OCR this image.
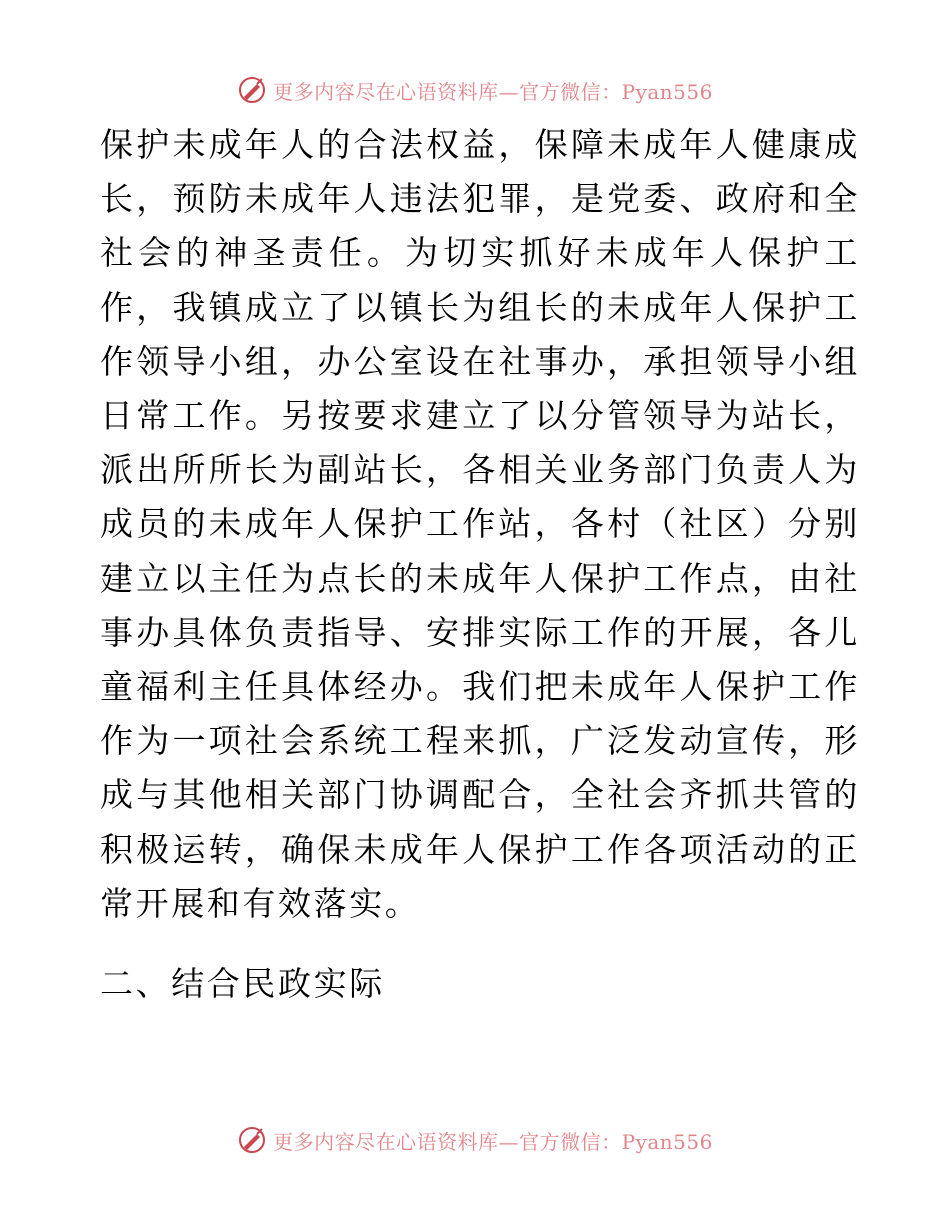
更多内容尽在心语资料库—官方微信：Pyan556

保护未成年人的合法权益，保障未成年人健康成长，预防未成年人违法犯罪，是党委、政府和全社会的神圣责任。为切实抓好未成年人保护工作，我镇成立了以镇长为组长的未成年人保护工作领导小组，办公室设在社事办，承担领导小组日常工作。另按要求建立了以分管领导为站长，派出所所长为副站长，各相关业务部门负责人为成员的未成年人保护工作站，各村（社区）分别建立以主任为点长的未成年人保护工作点，由社事办具体负责指导、安排实际工作的开展，各儿童福利主任具体经办。我们把未成年人保护工作作为一项社会系统工程来抓，广泛发动宣传，形成与其他相关部门协调配合，全社会齐抓共管的积极运转，确保未成年人保护工作各项活动的正常开展和有效落实。

二、结合民政实际

更多内容尽在心语资料库—官方微信：Pyan556
